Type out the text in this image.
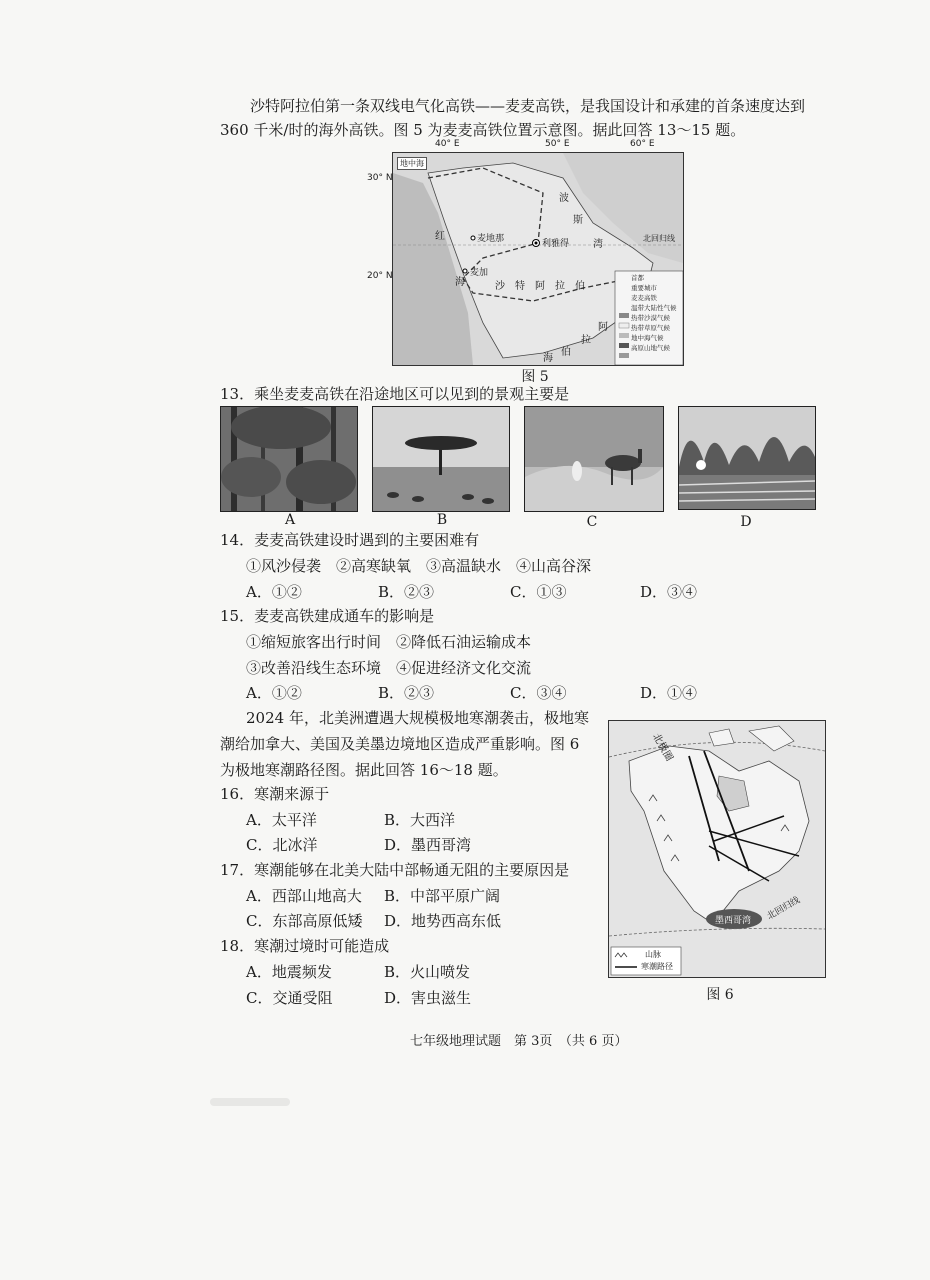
沙特阿拉伯第一条双线电气化高铁——麦麦高铁，是我国设计和承建的首条速度达到
360 千米/时的海外高铁。图 5 为麦麦高铁位置示意图。据此回答 13～15 题。
40° E	50° E	60° E
30° N
20° N
地中海
麦地那
麦加
利雅得
北回归线
红
海
波
斯
湾
沙 特 阿 拉 伯
阿
拉
伯
海
首都
重要城市
麦麦高铁
温带大陆性气候
热带沙漠气候
热带草原气候
地中海气候
高原山地气候
图 5
13．乘坐麦麦高铁在沿途地区可以见到的景观主要是
A	B	C	D
14．麦麦高铁建设时遇到的主要困难有
①风沙侵袭　②高寒缺氧　③高温缺水　④山高谷深
A．①②	B．②③	C．①③	D．③④
15．麦麦高铁建成通车的影响是
①缩短旅客出行时间　②降低石油运输成本
③改善沿线生态环境　④促进经济文化交流
A．①②	B．②③	C．③④	D．①④
2024 年，北美洲遭遇大规模极地寒潮袭击，极地寒
潮给加拿大、美国及美墨边境地区造成严重影响。图 6
为极地寒潮路径图。据此回答 16～18 题。
16．寒潮来源于
A．太平洋	B．大西洋
C．北冰洋	D．墨西哥湾
17．寒潮能够在北美大陆中部畅通无阻的主要原因是
A．西部山地高大 B．中部平原广阔
C．东部高原低矮 D．地势西高东低
18．寒潮过境时可能造成
A．地震频发	B．火山喷发
C．交通受阻	D．害虫滋生
北极圈
墨西哥湾 北回归线
山脉
寒潮路径
图 6
七年级地理试题　第 3页　（共 6 页）
